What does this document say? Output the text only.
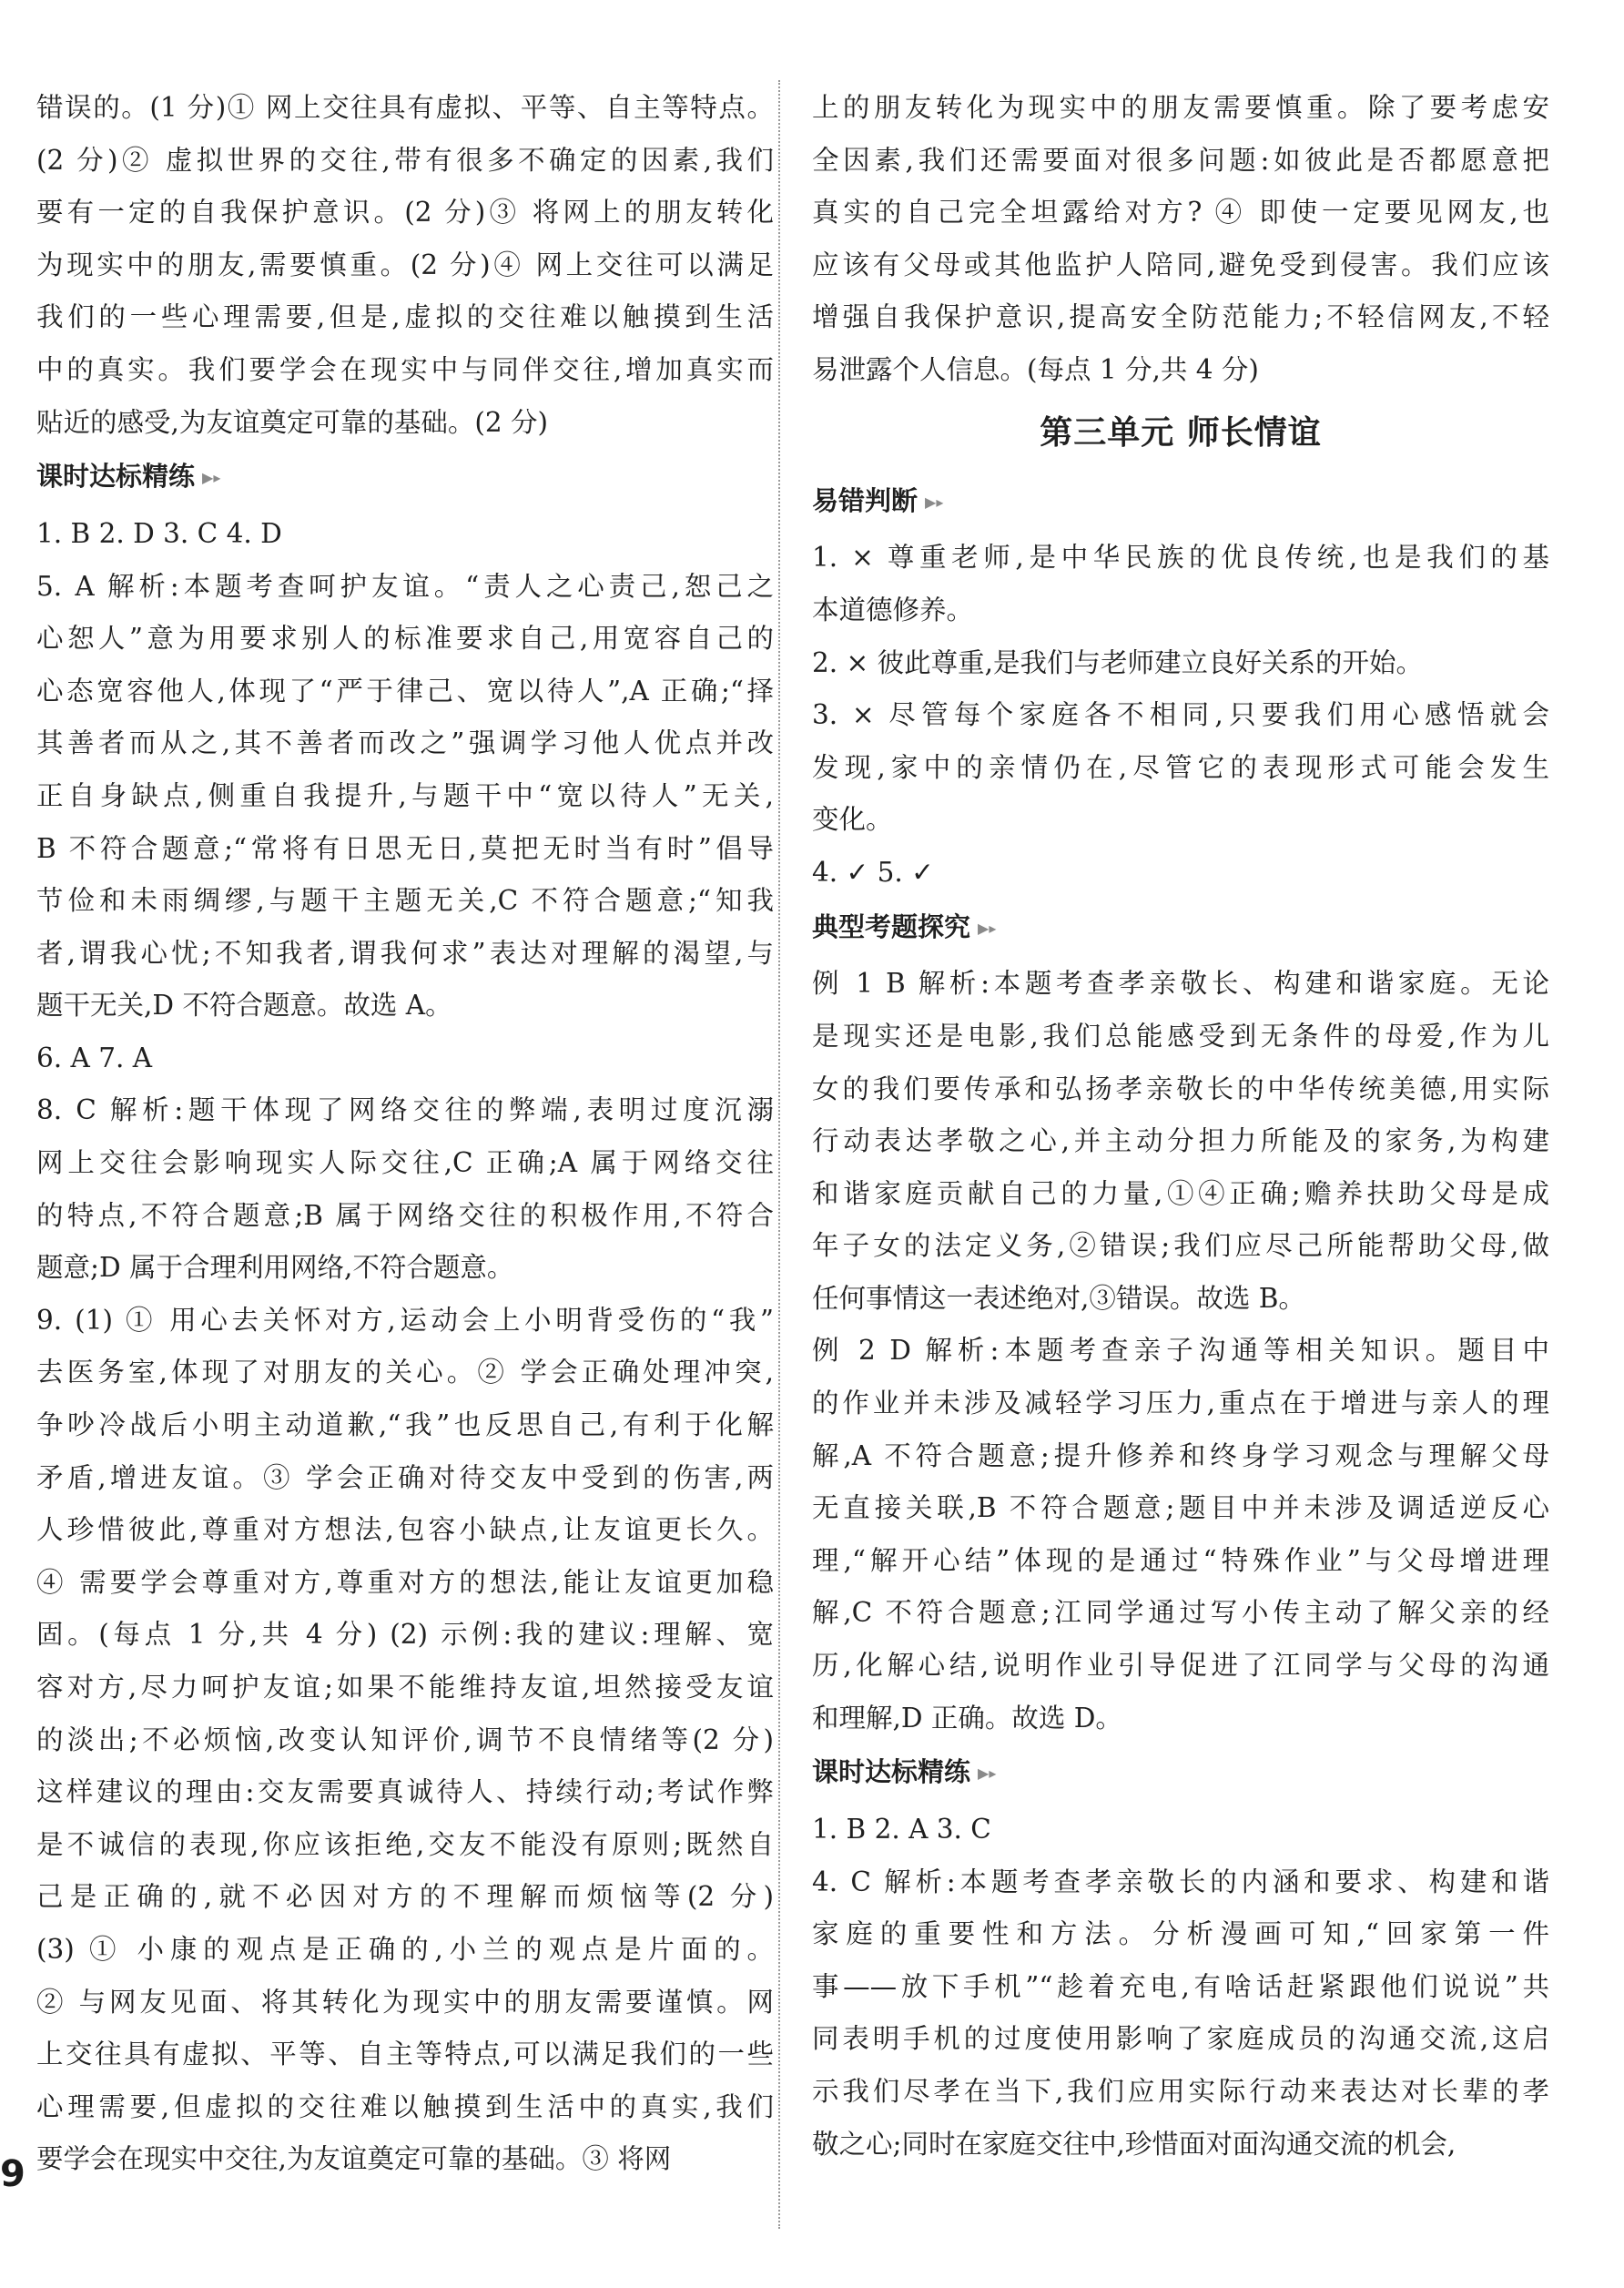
错误的。(1 分)① 网上交往具有虚拟、平等、自主等特点。
(2 分)② 虚拟世界的交往,带有很多不确定的因素,我们
要有一定的自我保护意识。(2 分)③ 将网上的朋友转化
为现实中的朋友,需要慎重。(2 分)④ 网上交往可以满足
我们的一些心理需要,但是,虚拟的交往难以触摸到生活
中的真实。我们要学会在现实中与同伴交往,增加真实而
贴近的感受,为友谊奠定可靠的基础。(2 分)
课时达标精练 ▶▸
1. B 2. D 3. C 4. D
5. A 解析:本题考查呵护友谊。“责人之心责己,恕己之
心恕人”意为用要求别人的标准要求自己,用宽容自己的
心态宽容他人,体现了“严于律己、宽以待人”,A 正确;“择
其善者而从之,其不善者而改之”强调学习他人优点并改
正自身缺点,侧重自我提升,与题干中“宽以待人”无关,
B 不符合题意;“常将有日思无日,莫把无时当有时”倡导
节俭和未雨绸缪,与题干主题无关,C 不符合题意;“知我
者,谓我心忧;不知我者,谓我何求”表达对理解的渴望,与
题干无关,D 不符合题意。故选 A。
6. A 7. A
8. C 解析:题干体现了网络交往的弊端,表明过度沉溺
网上交往会影响现实人际交往,C 正确;A 属于网络交往
的特点,不符合题意;B 属于网络交往的积极作用,不符合
题意;D 属于合理利用网络,不符合题意。
9. (1) ① 用心去关怀对方,运动会上小明背受伤的“我”
去医务室,体现了对朋友的关心。② 学会正确处理冲突,
争吵冷战后小明主动道歉,“我”也反思自己,有利于化解
矛盾,增进友谊。③ 学会正确对待交友中受到的伤害,两
人珍惜彼此,尊重对方想法,包容小缺点,让友谊更长久。
④ 需要学会尊重对方,尊重对方的想法,能让友谊更加稳
固。(每点 1 分,共 4 分) (2) 示例:我的建议:理解、宽
容对方,尽力呵护友谊;如果不能维持友谊,坦然接受友谊
的淡出;不必烦恼,改变认知评价,调节不良情绪等(2 分)
这样建议的理由:交友需要真诚待人、持续行动;考试作弊
是不诚信的表现,你应该拒绝,交友不能没有原则;既然自
己是正确的,就不必因对方的不理解而烦恼等(2 分)
(3) ① 小康的观点是正确的,小兰的观点是片面的。
② 与网友见面、将其转化为现实中的朋友需要谨慎。网
上交往具有虚拟、平等、自主等特点,可以满足我们的一些
心理需要,但虚拟的交往难以触摸到生活中的真实,我们
要学会在现实中交往,为友谊奠定可靠的基础。③ 将网
上的朋友转化为现实中的朋友需要慎重。除了要考虑安
全因素,我们还需要面对很多问题:如彼此是否都愿意把
真实的自己完全坦露给对方? ④ 即使一定要见网友,也
应该有父母或其他监护人陪同,避免受到侵害。我们应该
增强自我保护意识,提高安全防范能力;不轻信网友,不轻
易泄露个人信息。(每点 1 分,共 4 分)
第三单元 师长情谊
易错判断 ▶▸
1. × 尊重老师,是中华民族的优良传统,也是我们的基
本道德修养。
2. × 彼此尊重,是我们与老师建立良好关系的开始。
3. × 尽管每个家庭各不相同,只要我们用心感悟就会
发现,家中的亲情仍在,尽管它的表现形式可能会发生
变化。
4. ✓ 5. ✓
典型考题探究 ▶▸
例 1 B 解析:本题考查孝亲敬长、构建和谐家庭。无论
是现实还是电影,我们总能感受到无条件的母爱,作为儿
女的我们要传承和弘扬孝亲敬长的中华传统美德,用实际
行动表达孝敬之心,并主动分担力所能及的家务,为构建
和谐家庭贡献自己的力量,①④正确;赡养扶助父母是成
年子女的法定义务,②错误;我们应尽己所能帮助父母,做
任何事情这一表述绝对,③错误。故选 B。
例 2 D 解析:本题考查亲子沟通等相关知识。题目中
的作业并未涉及减轻学习压力,重点在于增进与亲人的理
解,A 不符合题意;提升修养和终身学习观念与理解父母
无直接关联,B 不符合题意;题目中并未涉及调适逆反心
理,“解开心结”体现的是通过“特殊作业”与父母增进理
解,C 不符合题意;江同学通过写小传主动了解父亲的经
历,化解心结,说明作业引导促进了江同学与父母的沟通
和理解,D 正确。故选 D。
课时达标精练 ▶▸
1. B 2. A 3. C
4. C 解析:本题考查孝亲敬长的内涵和要求、构建和谐
家庭的重要性和方法。分析漫画可知,“回家第一件
事——放下手机”“趁着充电,有啥话赶紧跟他们说说”共
同表明手机的过度使用影响了家庭成员的沟通交流,这启
示我们尽孝在当下,我们应用实际行动来表达对长辈的孝
敬之心;同时在家庭交往中,珍惜面对面沟通交流的机会,
9
